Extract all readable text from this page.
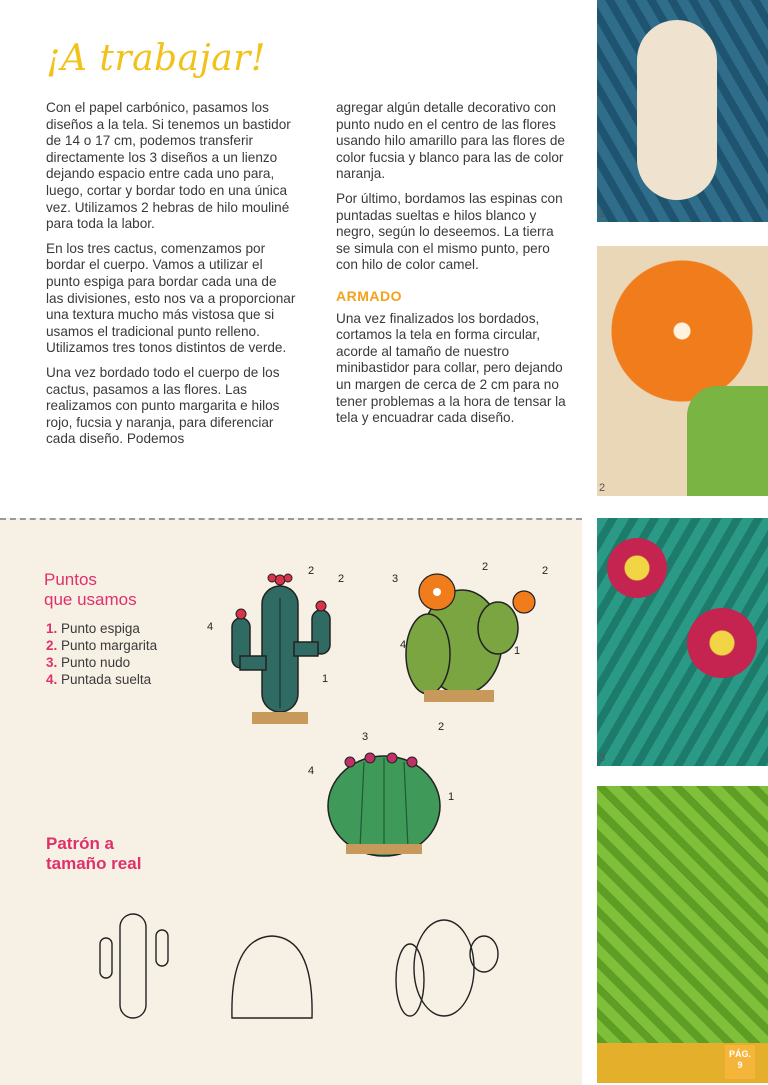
¡A trabajar!

Con el papel carbónico, pasamos los diseños a la tela. Si tenemos un bastidor de 14 o 17 cm, podemos transferir directamente los 3 diseños a un lienzo dejando espacio entre cada uno para, luego, cortar y bordar todo en una única vez. Utilizamos 2 hebras de hilo mouliné para toda la labor.

En los tres cactus, comenzamos por bordar el cuerpo. Vamos a utilizar el punto espiga para bordar cada una de las divisiones, esto nos va a proporcionar una textura mucho más vistosa que si usamos el tradicional punto relleno. Utilizamos tres tonos distintos de verde.

Una vez bordado todo el cuerpo de los cactus, pasamos a las flores. Las realizamos con punto margarita e hilos rojo, fucsia y naranja, para diferenciar cada diseño. Podemos

agregar algún detalle decorativo con punto nudo en el centro de las flores usando hilo amarillo para las flores de color fucsia y blanco para las de color naranja.

Por último, bordamos las espinas con puntadas sueltas e hilos blanco y negro, según lo deseemos. La tierra se simula con el mismo punto, pero con hilo de color camel.

ARMADO

Una vez finalizados los bordados, cortamos la tela en forma circular, acorde al tamaño de nuestro minibastidor para collar, pero dejando un margen de cerca de 2 cm para no tener problemas a la hora de tensar la tela y encuadrar cada diseño.

Puntos
que usamos
1. Punto espiga
2. Punto margarita
3. Punto nudo
4. Puntada suelta
Patrón a
tamaño real
2
2
4
1
3
2	2
4	1
2
3
4
1
1
2
3
PÁG.
9
